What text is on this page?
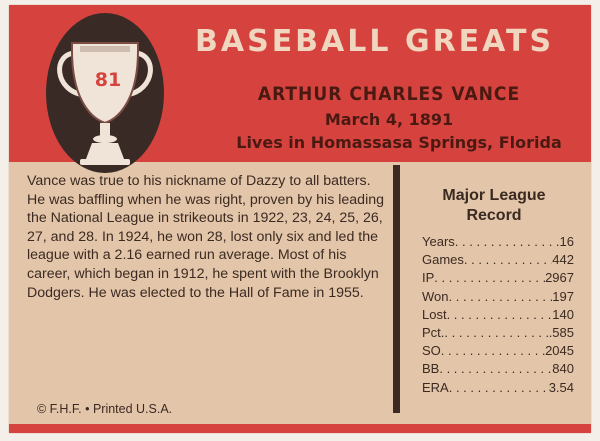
81
BASEBALL GREATS
ARTHUR CHARLES VANCE
March 4, 1891
Lives in Homassasa Springs, Florida

Vance was true to his nickname of Dazzy to all batters. He was baffling when he was right, proven by his leading the National League in strikeouts in 1922, 23, 24, 25, 26, 27, and 28. In 1924, he won 28, lost only six and led the league with a 2.16 earned run average. Most of his career, which began in 1912, he spent with the Brooklyn Dodgers. He was elected to the Hall of Fame in 1955.

Major League
Record
Years . . .	16
Games . . .	442
IP . . .	2967
Won . . .	197
Lost . . .	140
Pct. . . .	.585
SO . . .	2045
BB . . .	840
ERA . . .	3.54
© F.H.F. • Printed U.S.A.
